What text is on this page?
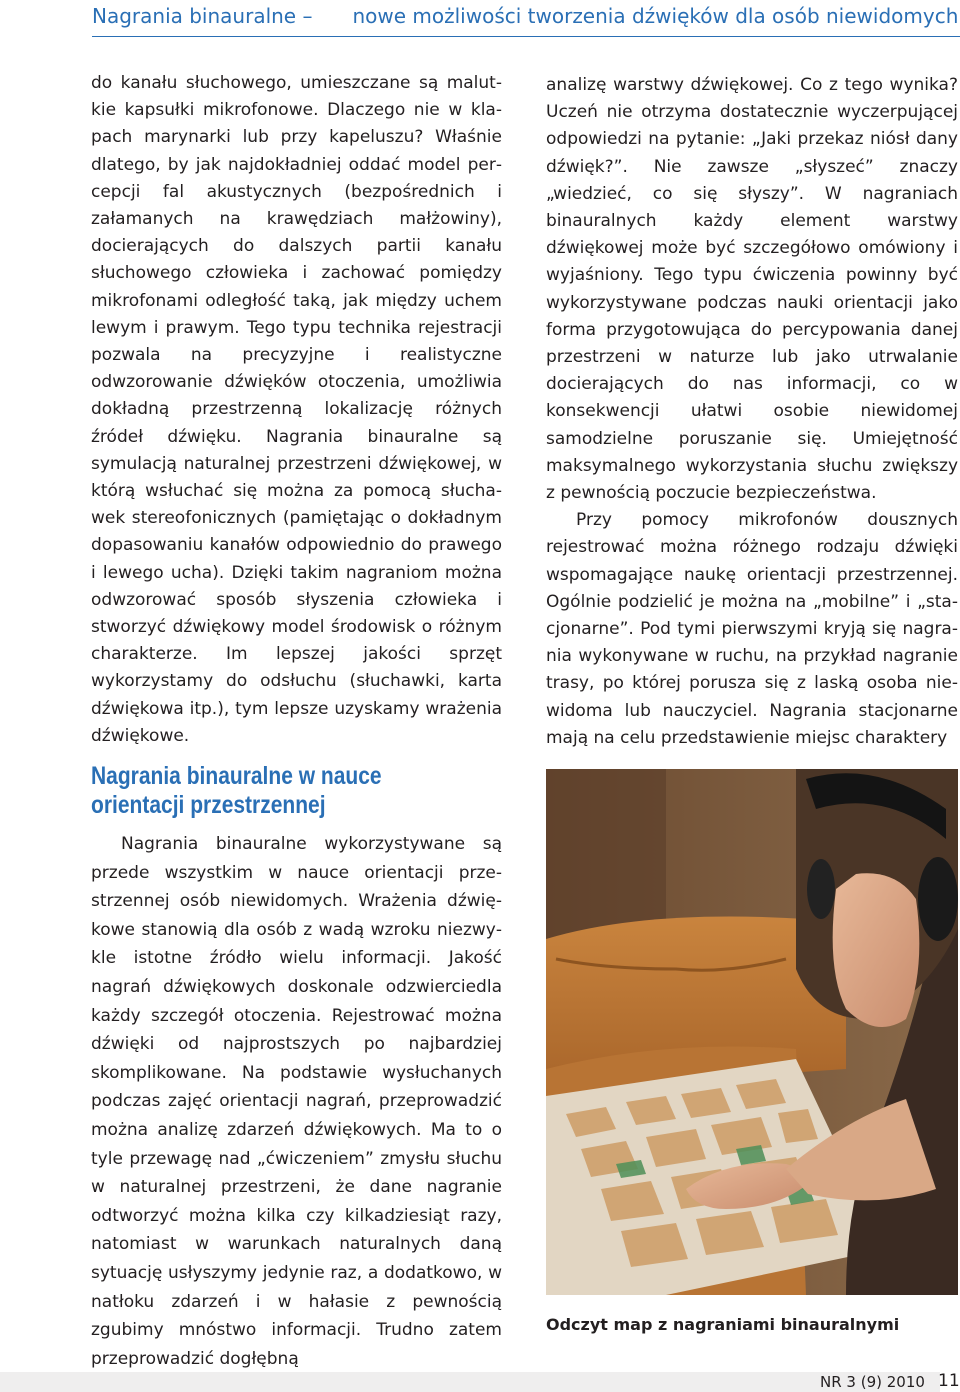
Nagrania binauralne – nowe możliwości tworzenia dźwięków dla osób niewidomych

do kanału słuchowego, umieszczane są malutkie kapsułki mikrofonowe. Dlaczego nie w klapach marynarki lub przy kapeluszu? Właśnie dlatego, by jak najdokładniej oddać model percepcji fal akustycznych (bezpośrednich i załamanych na krawędziach małżowiny), docierających do dalszych partii kanału słuchowego człowieka i zachować pomiędzy mikrofonami odległość taką, jak między uchem lewym i prawym. Tego typu technika rejestracji pozwala na precyzyjne i realistyczne odwzorowanie dźwięków otoczenia, umożliwia dokładną przestrzenną lokalizację różnych źródeł dźwięku. Nagrania binauralne są symulacją naturalnej przestrzeni dźwiękowej, w którą wsłuchać się można za pomocą słuchawek stereofonicznych (pamiętając o dokładnym dopasowaniu kanałów odpowiednio do prawego i lewego ucha). Dzięki takim nagraniom można odwzorować sposób słyszenia człowieka i stworzyć dźwiękowy model środowisk o różnym charakterze. Im lepszej jakości sprzęt wykorzystamy do odsłuchu (słuchawki, karta dźwiękowa itp.), tym lepsze uzyskamy wrażenia dźwiękowe.

Nagrania binauralne w nauce
orientacji przestrzennej

Nagrania binauralne wykorzystywane są przede wszystkim w nauce orientacji przestrzennej osób niewidomych. Wrażenia dźwiękowe stanowią dla osób z wadą wzroku niezwykle istotne źródło wielu informacji. Jakość nagrań dźwiękowych doskonale odzwierciedla każdy szczegół otoczenia. Rejestrować można dźwięki od najprostszych po najbardziej skomplikowane. Na podstawie wysłuchanych podczas zajęć orientacji nagrań, przeprowadzić można analizę zdarzeń dźwiękowych. Ma to o tyle przewagę nad „ćwiczeniem” zmysłu słuchu w naturalnej przestrzeni, że dane nagranie odtworzyć można kilka czy kilkadziesiąt razy, natomiast w warunkach naturalnych daną sytuację usłyszymy jedynie raz, a dodatkowo, w natłoku zdarzeń i w hałasie z pewnością zgubimy mnóstwo informacji. Trudno zatem przeprowadzić dogłębną

analizę warstwy dźwiękowej. Co z tego wynika? Uczeń nie otrzyma dostatecznie wyczerpującej odpowiedzi na pytanie: „Jaki przekaz niósł dany dźwięk?”. Nie zawsze „słyszeć” znaczy „wiedzieć, co się słyszy”. W nagraniach binauralnych każdy element warstwy dźwiękowej może być szczegółowo omówiony i wyjaśniony. Tego typu ćwiczenia powinny być wykorzystywane podczas nauki orientacji jako forma przygotowująca do percypowania danej przestrzeni w naturze lub jako utrwalanie docierających do nas informacji, co w konsekwencji ułatwi osobie niewidomej samodzielne poruszanie się. Umiejętność maksymalnego wykorzystania słuchu zwiększy z pewnością poczucie bezpieczeństwa.

Przy pomocy mikrofonów dousznych rejestrować można różnego rodzaju dźwięki wspomagające naukę orientacji przestrzennej. Ogólnie podzielić je można na „mobilne” i „stacjonarne”. Pod tymi pierwszymi kryją się nagrania wykonywane w ruchu, na przykład nagranie trasy, po której porusza się z laską osoba niewidoma lub nauczyciel. Nagrania stacjonarne mają na celu przedstawienie miejsc charaktery

Odczyt map z nagraniami binauralnymi
NR 3 (9) 2010 11
